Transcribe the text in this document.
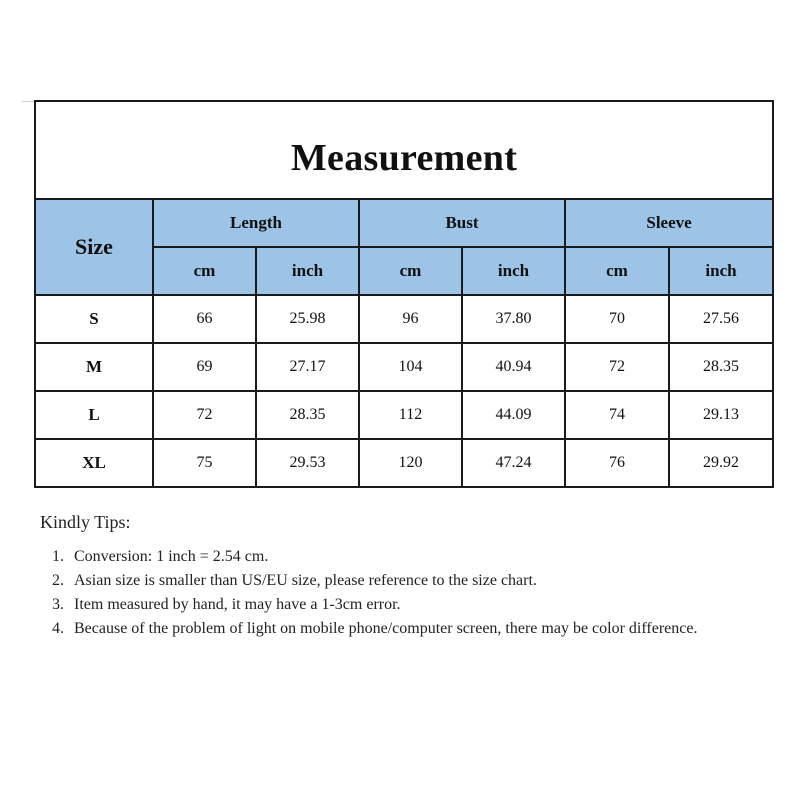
Measurement						
Size	Length		Bust		Sleeve	
	cm	inch	cm	inch	cm	inch
S	66	25.98	96	37.80	70	27.56
M	69	27.17	104	40.94	72	28.35
L	72	28.35	112	44.09	74	29.13
XL	75	29.53	120	47.24	76	29.92

Kindly Tips:

1. Conversion: 1 inch = 2.54 cm.
2. Asian size is smaller than US/EU size, please reference to the size chart.
3. Item measured by hand, it may have a 1-3cm error.
4. Because of the problem of light on mobile phone/computer screen, there may be color difference.
